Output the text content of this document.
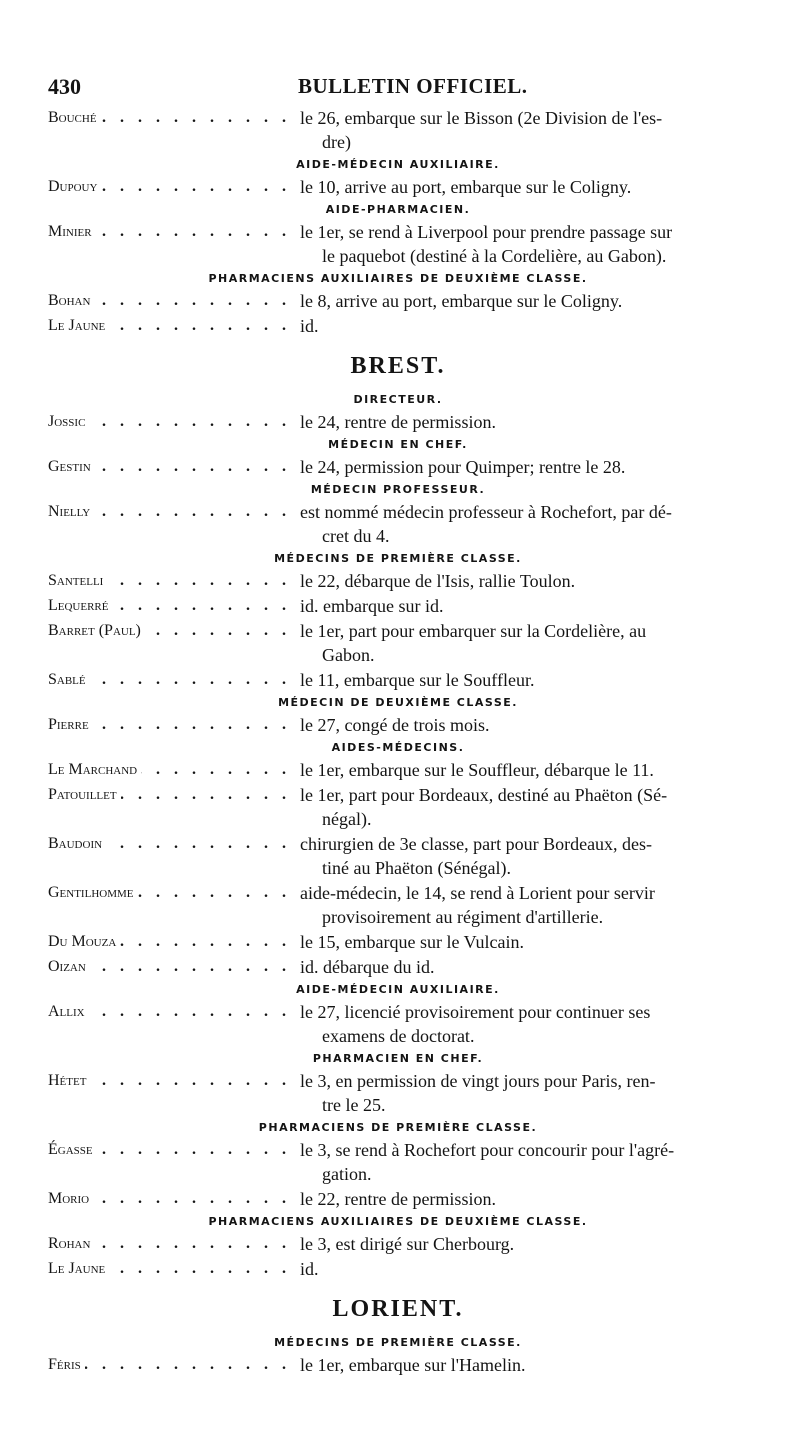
430	BULLETIN OFFICIEL.
. . .
Bouché	le 26, embarque sur le Bisson (2e Division de l'es-
dre)
AIDE-MÉDECIN AUXILIAIRE.
. . .
Dupouy	le 10, arrive au port, embarque sur le Coligny.
AIDE-PHARMACIEN.
. . .
Minier	le 1er, se rend à Liverpool pour prendre passage sur
le paquebot (destiné à la Cordelière, au Gabon).
PHARMACIENS AUXILIAIRES DE DEUXIÈME CLASSE.
. . .
Bohan	le 8, arrive au port, embarque sur le Coligny.
. . .
Le Jaune	id.
BREST.
DIRECTEUR.
. . .
Jossic	le 24, rentre de permission.
MÉDECIN EN CHEF.
. . .
Gestin	le 24, permission pour Quimper; rentre le 28.
MÉDECIN PROFESSEUR.
. . .
Nielly	est nommé médecin professeur à Rochefort, par dé-
cret du 4.
MÉDECINS DE PREMIÈRE CLASSE.
. . .
Santelli	le 22, débarque de l'Isis, rallie Toulon.
. . .
Lequerré	id. embarque sur id.
. . .
Barret (Paul)	le 1er, part pour embarquer sur la Cordelière, au
Gabon.
. . .
Sablé	le 11, embarque sur le Souffleur.
MÉDECIN DE DEUXIÈME CLASSE.
. . .
Pierre	le 27, congé de trois mois.
AIDES-MÉDECINS.
. . .
Le Marchand	le 1er, embarque sur le Souffleur, débarque le 11.
. . .
Patouillet	le 1er, part pour Bordeaux, destiné au Phaëton (Sé-
négal).
. . .
Baudoin	chirurgien de 3e classe, part pour Bordeaux, des-
tiné au Phaëton (Sénégal).
. . .
Gentilhomme	aide-médecin, le 14, se rend à Lorient pour servir
provisoirement au régiment d'artillerie.
. . .
Du Mouza	le 15, embarque sur le Vulcain.
. . .
Oizan	id. débarque du id.
AIDE-MÉDECIN AUXILIAIRE.
. . .
Allix	le 27, licencié provisoirement pour continuer ses
examens de doctorat.
PHARMACIEN EN CHEF.
. . .
Hétet	le 3, en permission de vingt jours pour Paris, ren-
tre le 25.
PHARMACIENS DE PREMIÈRE CLASSE.
. . .
Égasse	le 3, se rend à Rochefort pour concourir pour l'agré-
gation.
. . .
Morio	le 22, rentre de permission.
PHARMACIENS AUXILIAIRES DE DEUXIÈME CLASSE.
. . .
Rohan	le 3, est dirigé sur Cherbourg.
. . .
Le Jaune	id.
LORIENT.
MÉDECINS DE PREMIÈRE CLASSE.
. . .
Féris	le 1er, embarque sur l'Hamelin.
